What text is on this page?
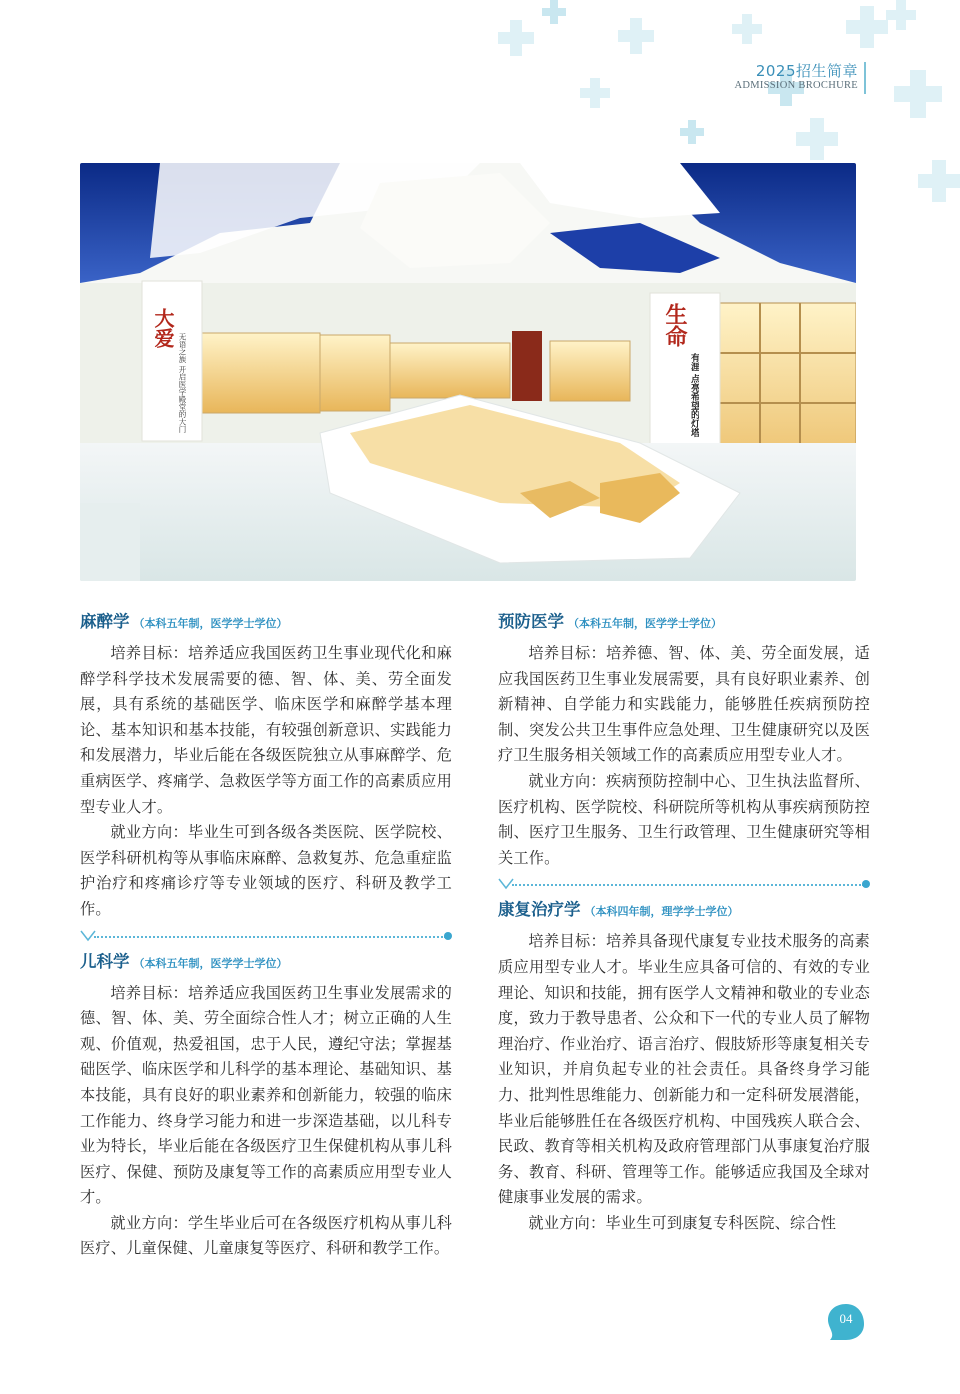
2025招生简章
ADMISSION BROCHURE
大爱
无语之族 开启医学殿堂的大门
生命
有涯 点亮希望的灯塔
麻醉学 （本科五年制，医学学士学位）

培养目标：培养适应我国医药卫生事业现代化和麻醉学科学技术发展需要的德、智、体、美、劳全面发展，具有系统的基础医学、临床医学和麻醉学基本理论、基本知识和基本技能，有较强创新意识、实践能力和发展潜力，毕业后能在各级医院独立从事麻醉学、危重病医学、疼痛学、急救医学等方面工作的高素质应用型专业人才。

就业方向：毕业生可到各级各类医院、医学院校、医学科研机构等从事临床麻醉、急救复苏、危急重症监护治疗和疼痛诊疗等专业领域的医疗、科研及教学工作。

儿科学 （本科五年制，医学学士学位）

培养目标：培养适应我国医药卫生事业发展需求的德、智、体、美、劳全面综合性人才；树立正确的人生观、价值观，热爱祖国，忠于人民，遵纪守法；掌握基础医学、临床医学和儿科学的基本理论、基础知识、基本技能，具有良好的职业素养和创新能力，较强的临床工作能力、终身学习能力和进一步深造基础，以儿科专业为特长，毕业后能在各级医疗卫生保健机构从事儿科医疗、保健、预防及康复等工作的高素质应用型专业人才。

就业方向：学生毕业后可在各级医疗机构从事儿科医疗、儿童保健、儿童康复等医疗、科研和教学工作。

预防医学 （本科五年制，医学学士学位）

培养目标：培养德、智、体、美、劳全面发展，适应我国医药卫生事业发展需要，具有良好职业素养、创新精神、自学能力和实践能力，能够胜任疾病预防控制、突发公共卫生事件应急处理、卫生健康研究以及医疗卫生服务相关领域工作的高素质应用型专业人才。

就业方向：疾病预防控制中心、卫生执法监督所、医疗机构、医学院校、科研院所等机构从事疾病预防控制、医疗卫生服务、卫生行政管理、卫生健康研究等相关工作。

康复治疗学 （本科四年制，理学学士学位）

培养目标：培养具备现代康复专业技术服务的高素质应用型专业人才。毕业生应具备可信的、有效的专业理论、知识和技能，拥有医学人文精神和敬业的专业态度，致力于教导患者、公众和下一代的专业人员了解物理治疗、作业治疗、语言治疗、假肢矫形等康复相关专业知识，并肩负起专业的社会责任。具备终身学习能力、批判性思维能力、创新能力和一定科研发展潜能，毕业后能够胜任在各级医疗机构、中国残疾人联合会、民政、教育等相关机构及政府管理部门从事康复治疗服务、教育、科研、管理等工作。能够适应我国及全球对健康事业发展的需求。

就业方向：毕业生可到康复专科医院、综合性

04
